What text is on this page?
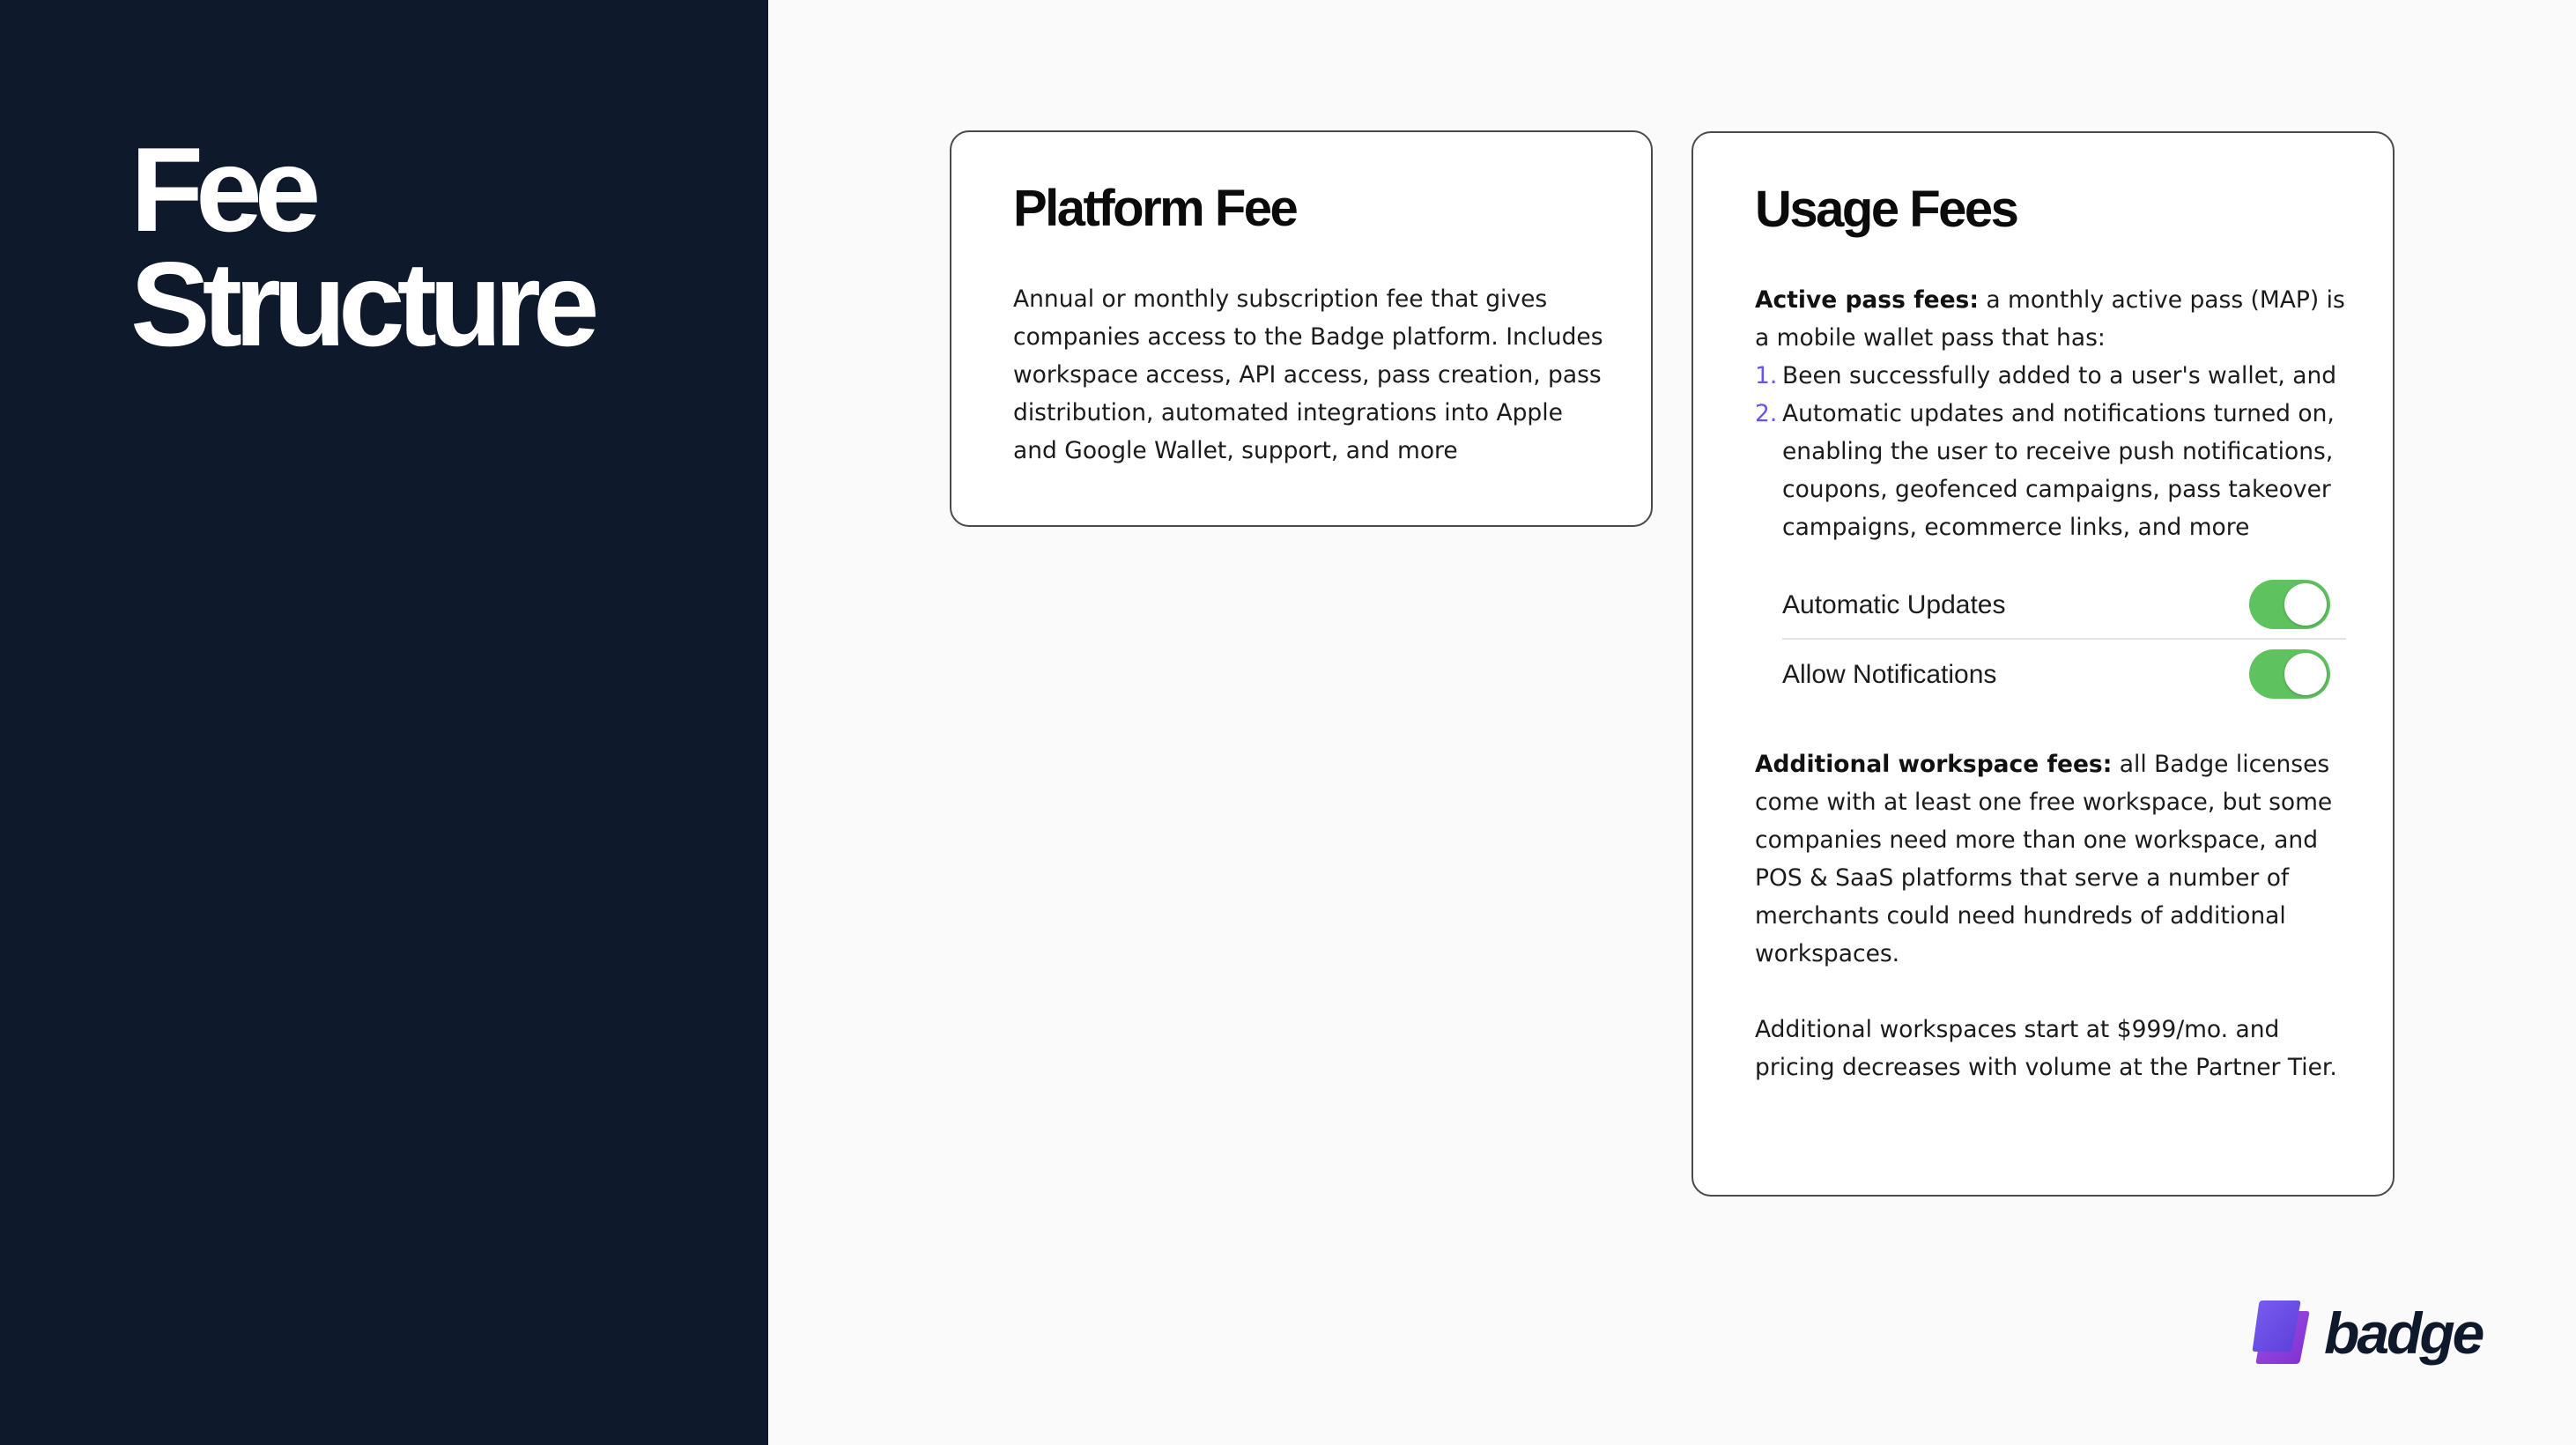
Fee
Structure
Platform Fee

Annual or monthly subscription fee that gives companies access to the Badge platform. Includes workspace access, API access, pass creation, pass distribution, automated integrations into Apple and Google Wallet, support, and more

Usage Fees

Active pass fees: a monthly active pass (MAP) is a mobile wallet pass that has:

1. Been successfully added to a user's wallet, and
2. Automatic updates and notifications turned on, enabling the user to receive push notifications, coupons, geofenced campaigns, pass takeover campaigns, ecommerce links, and more
Automatic Updates
Allow Notifications

Additional workspace fees: all Badge licenses come with at least one free workspace, but some companies need more than one workspace, and POS & SaaS platforms that serve a number of merchants could need hundreds of additional workspaces.

Additional workspaces start at $999/mo. and pricing decreases with volume at the Partner Tier.

badge
